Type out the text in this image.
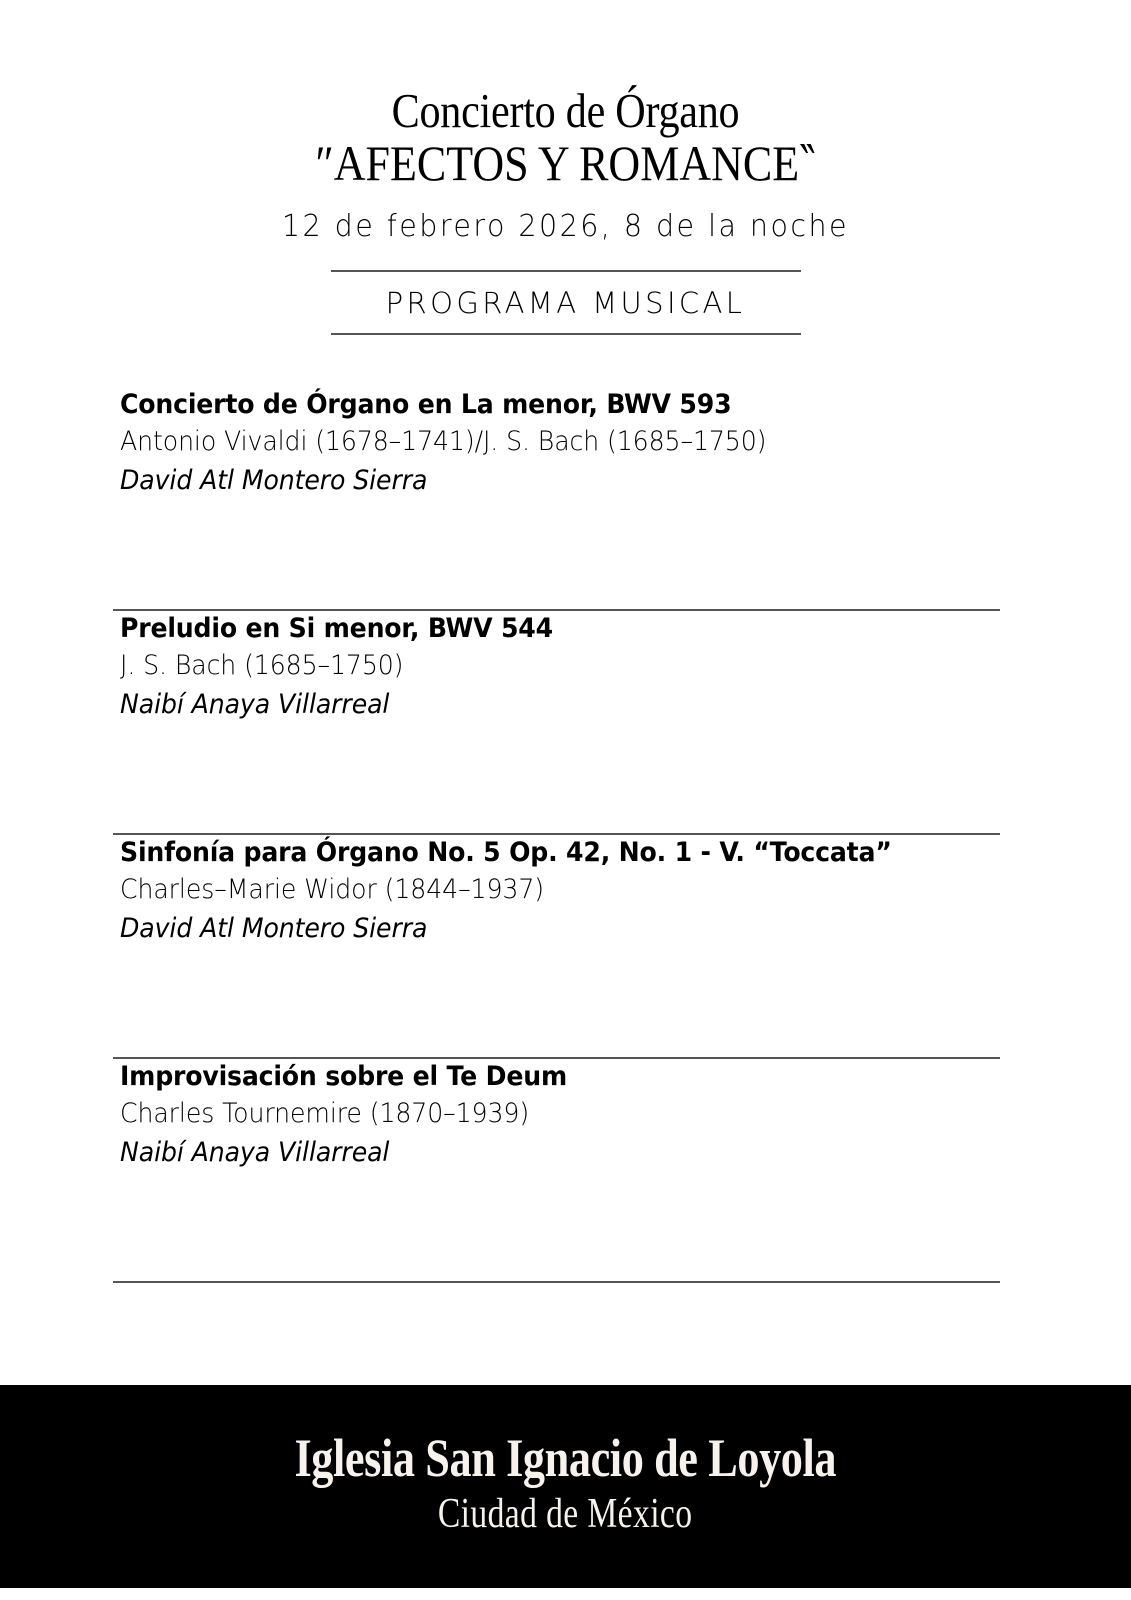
Concierto de Órgano
″AFECTOS Y ROMANCE‶
12 de febrero 2026, 8 de la noche
PROGRAMA MUSICAL
Concierto de Órgano en La menor, BWV 593
Antonio Vivaldi (1678–1741)/J. S. Bach (1685–1750)
David Atl Montero Sierra
Preludio en Si menor, BWV 544
J. S. Bach (1685–1750)
Naibí Anaya Villarreal
Sinfonía para Órgano No. 5 Op. 42, No. 1 - V. “Toccata”
Charles–Marie Widor (1844–1937)
David Atl Montero Sierra
Improvisación sobre el Te Deum
Charles Tournemire (1870–1939)
Naibí Anaya Villarreal
Iglesia San Ignacio de Loyola
Ciudad de México
